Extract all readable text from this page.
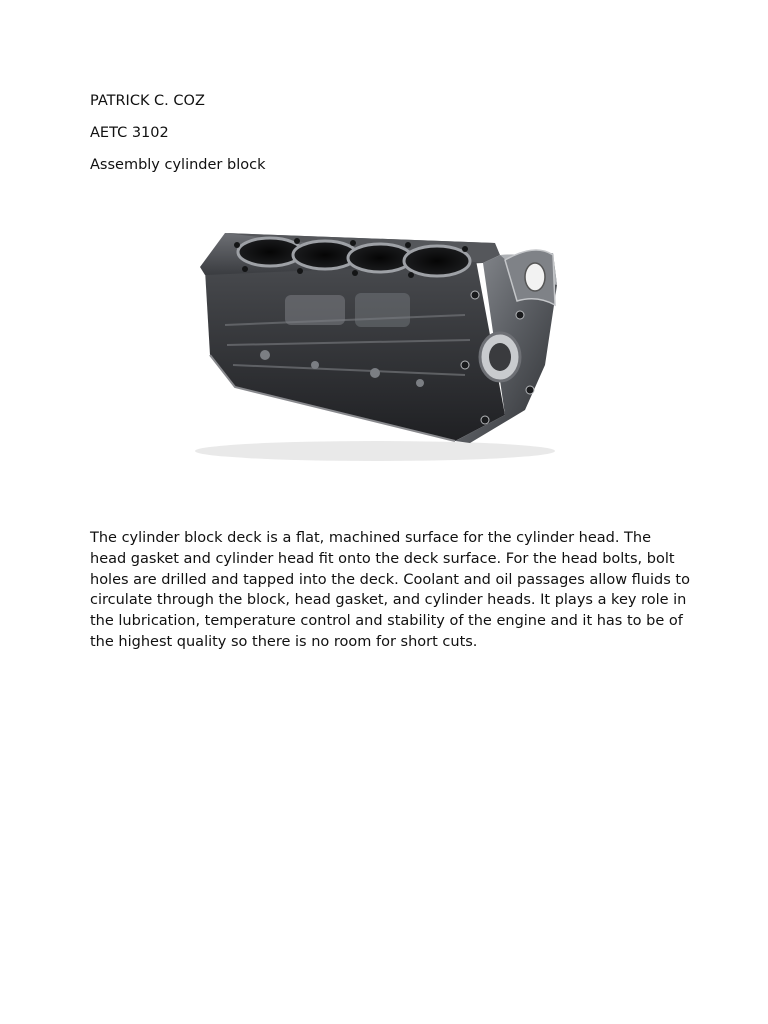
PATRICK C. COZ
AETC 3102
Assembly cylinder block

The cylinder block deck is a flat, machined surface for the cylinder head. The head gasket and cylinder head fit onto the deck surface. For the head bolts, bolt holes are drilled and tapped into the deck. Coolant and oil passages allow fluids to circulate through the block, head gasket, and cylinder heads. It plays a key role in the lubrication, temperature control and stability of the engine and it has to be of the highest quality so there is no room for short cuts.
